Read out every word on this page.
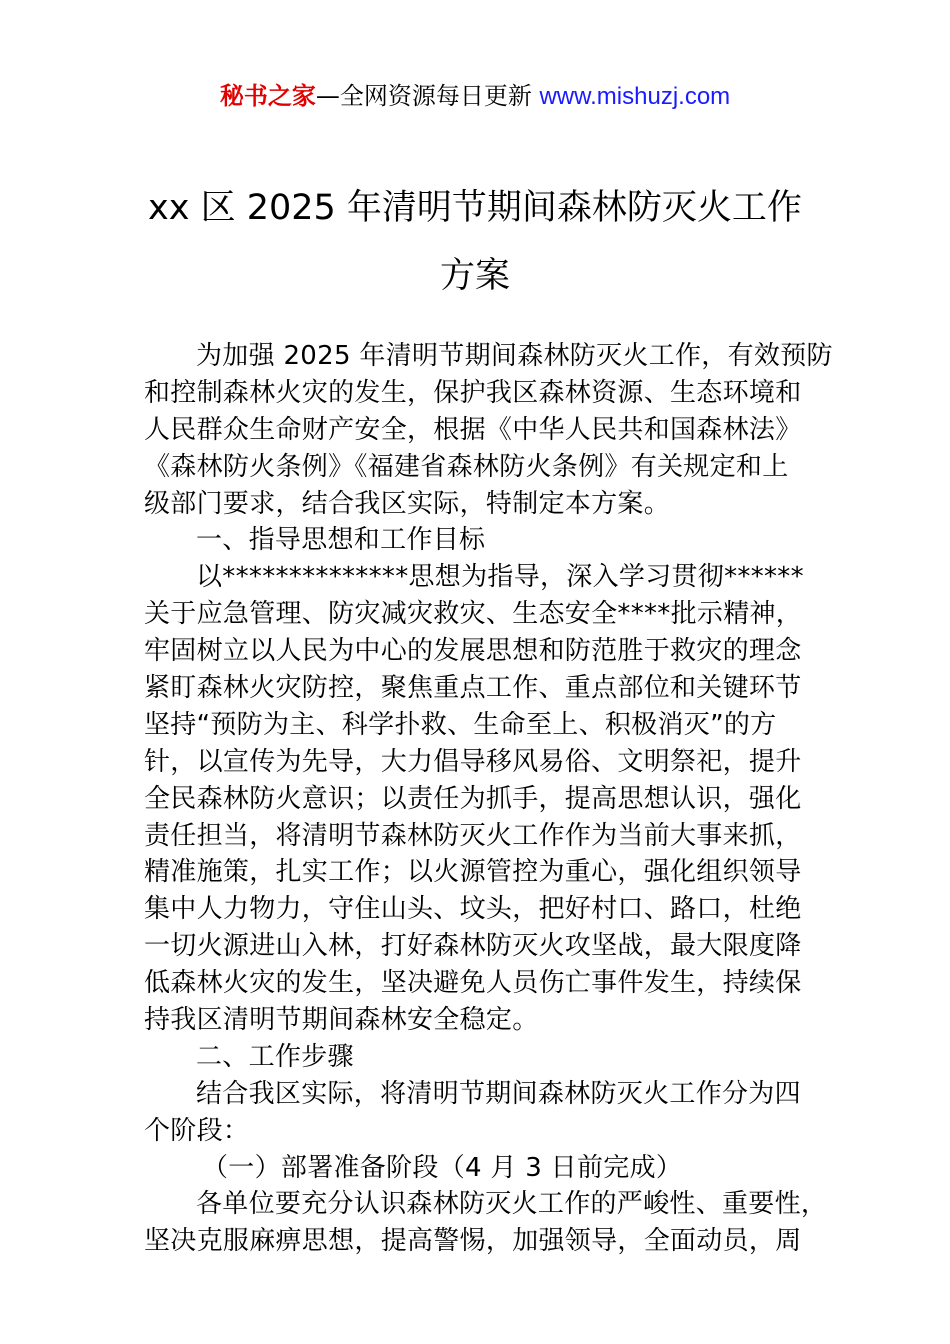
秘书之家—全网资源每日更新 www.mishuzj.com
xx 区 2025 年清明节期间森林防灭火工作
方案
为加强 2025 年清明节期间森林防灭火工作，有效预防
和控制森林火灾的发生，保护我区森林资源、生态环境和
人民群众生命财产安全，根据《中华人民共和国森林法》
《森林防火条例》《福建省森林防火条例》有关规定和上
级部门要求，结合我区实际，特制定本方案。
一、指导思想和工作目标
以**************思想为指导，深入学习贯彻******
关于应急管理、防灾减灾救灾、生态安全****批示精神，
牢固树立以人民为中心的发展思想和防范胜于救灾的理念
紧盯森林火灾防控，聚焦重点工作、重点部位和关键环节
坚持“预防为主、科学扑救、生命至上、积极消灭”的方
针，以宣传为先导，大力倡导移风易俗、文明祭祀，提升
全民森林防火意识；以责任为抓手，提高思想认识，强化
责任担当，将清明节森林防灭火工作作为当前大事来抓，
精准施策，扎实工作；以火源管控为重心，强化组织领导
集中人力物力，守住山头、坟头，把好村口、路口，杜绝
一切火源进山入林，打好森林防灭火攻坚战，最大限度降
低森林火灾的发生，坚决避免人员伤亡事件发生，持续保
持我区清明节期间森林安全稳定。
二、工作步骤
结合我区实际，将清明节期间森林防灭火工作分为四
个阶段：
（一）部署准备阶段（4 月 3 日前完成）
各单位要充分认识森林防灭火工作的严峻性、重要性，
坚决克服麻痹思想，提高警惕，加强领导，全面动员，周
